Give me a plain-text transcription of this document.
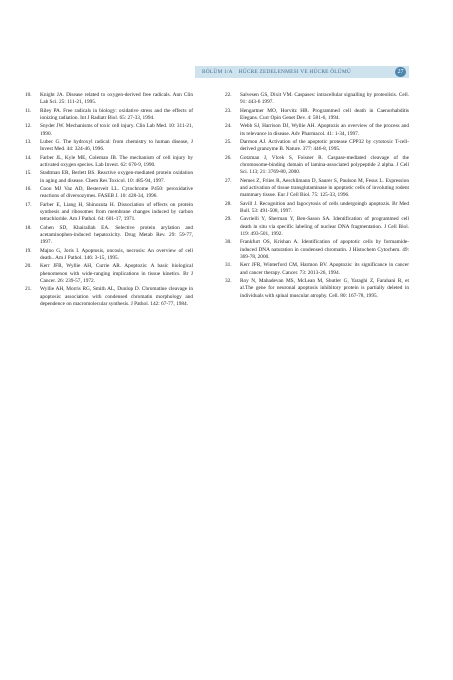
BÖLÜM 1/A HÜCRE ZEDELENMESI VE HÜCRE ÖLÜMÜ	27
10.	Knight JA. Disease related to oxygen-derived free radicals. Ann Clin Lab Sci. 25: 111-21, 1995.
11.	Riley PA. Free radicals in biology: oxidative stress and the effects of ionizing radiation. Int J Radiatr Biol. 65: 27-33, 1994.
12.	Snyder JW. Mechanisms of toxic cell injury. Clin Lab Med. 10: 311-21, 1990.
13.	Lubec G. The hydroxyl radical: from chemistry to human disease, J Invest Med. 44: 324-46, 1996.
14.	Farber JL, Kyle ME, Coleman JB. The mechanism of cell injury by activated oxygen species. Lab Invest. 62: 670-9, 1990.
15.	Stadtman ER, Berlett BS. Reactive oxygen-mediated protein oxidation in aging and disease. Chem Res Toxicol. 10: 485-94, 1997.
16.	Coon MJ Vaz AD, Bestervelt LL. Cytochrome P450: peroxidative reactions of diversozymes. FASEB J. 10: 428-34, 1996.
17.	Farber E, Liang H, Shinozuta H. Dissociation of effects on protein synthesis and ribosomes from membrane changes induced by carbon tetrachloride. Am J Pathol. 64: 601-17, 1971.
18.	Cohen SD, Khairallah EA. Selective protein arylation and acetaminophen-induced hepatoxicity. Drug Metab Rev. 29: 59-77, 1997.
19.	Majno G, Joris I. Apoptosis, oncosis, necrosis: An overview of cell death.. Am J Pathol. 146: 3-15, 1995.
20.	Kerr JFR, Wyllie AH, Currie AR. Apoptozis: A basic biological phenomenon with wide-ranging implications in tissue kinetics. Br J Cancer. 26: 239-57, 1972.
21.	Wyllie AH, Morris RG, Smith AL, Dunlop D. Chromatine cleavage in apoptosis: association with condensed chromatin morphology and dependence on macromolecular synthesis. J Pathol. 142: 67-77, 1984.
22.	Salvesen GS, Dixit VM. Caspases: intracellular signalling by proteolisis. Cell. 91: 443-6 1997.
23.	Hengartner MO, Horvitz HR. Programmed cell death in Caenorhabditis Elegans. Curr Opin Genet Dev. 4: 581-6, 1994.
24.	Webb SJ, Harrison DJ, Wyllie AH. Apoptozis an overview of the process and its relevance in disease. Adv Pharmacol. 41: 1-34, 1997.
25.	Darmon AJ. Activation of the apoptotic protease CPP32 by cytotoxic T-cell-derived granzyme B. Nature. 377: 446-8, 1995.
26.	Gotzman J, Vlcek S, Foisner R. Caspase-mediated cleavage of the chromosome-binding domain of lamina-associated polypeptide 2 alpha. J Cell Sci. 113; 21: 3769-80, 2000.
27.	Nemes Z, Friies R, Aeschlimann D, Saurer S, Paulson M, Fesus L. Expression and activation of tissue transglutaminase in apoptotic cells of involuting rodent mammary tissue. Eur J Cell Biol. 75: 125-33, 1996.
28.	Savill J. Recognition and fagocytosis of cells undergoingb apoptozis. Br Med Bull. 53: 491-508, 1997.
29.	Gavrielli Y, Sherman Y, Ben-Sason SA. Identification of programmed cell death in situ via specific labeling of nuclear DNA fragmentation. J Cell Biol. 119: 493-501, 1992.
30.	Frankfurt OS, Krishan A. Identification of apoptotic cells by formamide-induced DNA naturation in condensed chromatin. J Histochem Cytochem. 49: 369-78, 2000.
31.	Kerr JFR, Winterford CM, Harmon BV. Apoptozis: its significance in cancer and cancer therapy. Cancer. 73: 2013-26, 1994.
32.	Roy N, Mahadevan MS, McLean M, Shutler G, Yaraghi Z, Farahani R, et al.The gene for neuronal apoptosis inhibitory protein is partially deleted in individuals with spinal muscular atrophy. Cell. 80: 167-78, 1995.
